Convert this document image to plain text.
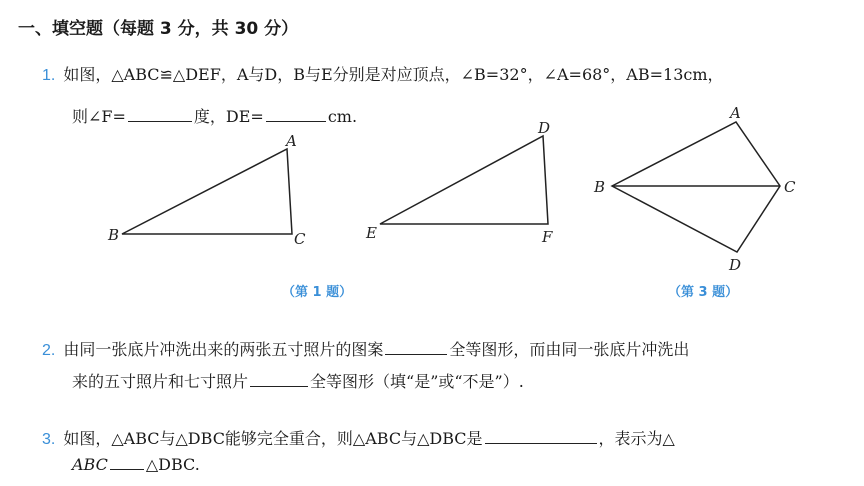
一、填空题（每题 3 分，共 30 分）
1. 如图，△ABC≌△DEF，A与D，B与E分别是对应顶点，∠B=32°，∠A=68°，AB=13cm，
则∠F=	度，DE=	cm.
A
B	C
D
E	F
A
B	C
D
（第 1 题）	（第 3 题）
2. 由同一张底片冲洗出来的两张五寸照片的图案	全等图形，而由同一张底片冲洗出
来的五寸照片和七寸照片	全等图形（填“是”或“不是”）.
3. 如图，△ABC与△DBC能够完全重合，则△ABC与△DBC是	，表示为△
ABC △DBC.
